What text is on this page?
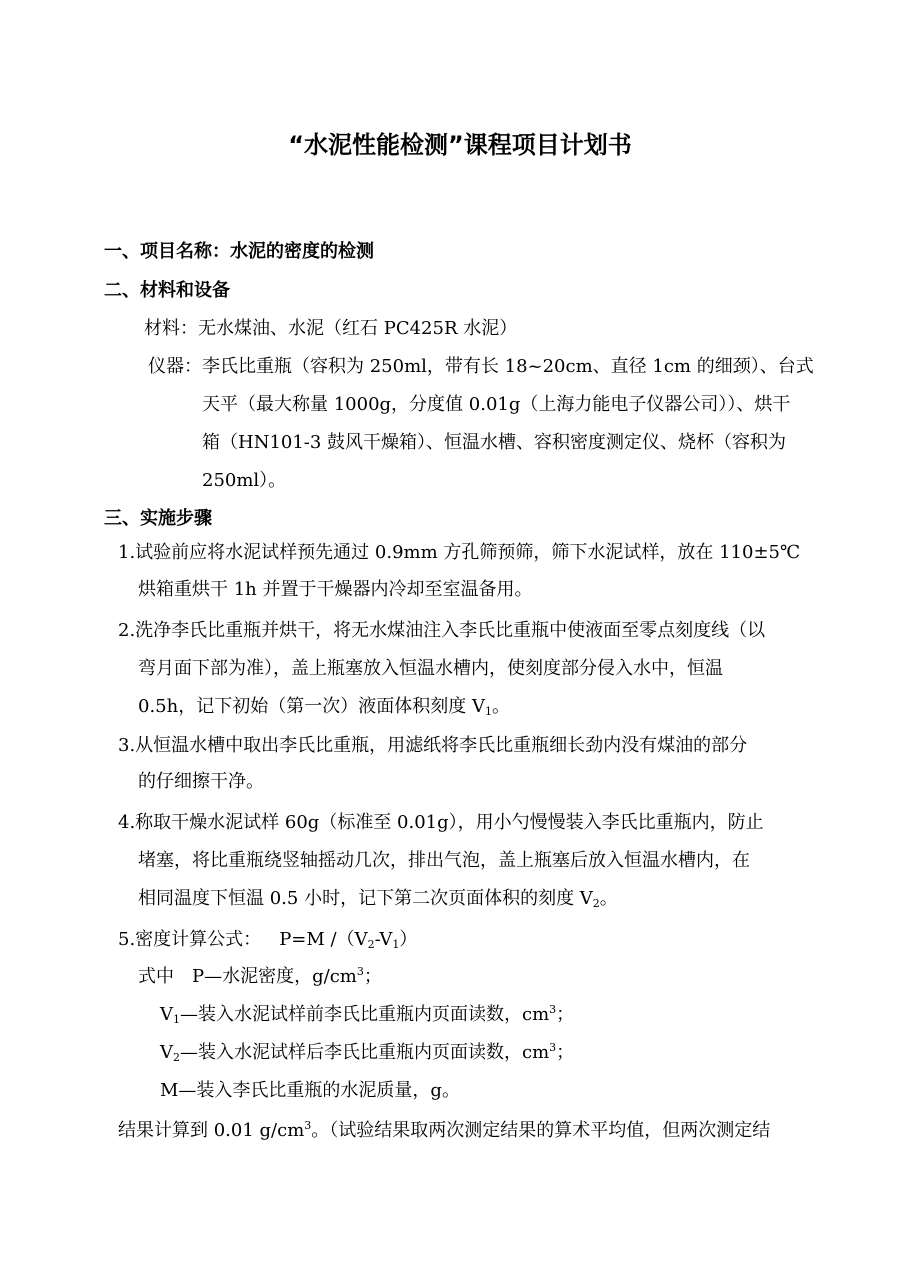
“水泥性能检测”课程项目计划书
一、项目名称：水泥的密度的检测
二、材料和设备
材料：无水煤油、水泥（红石 PC425R 水泥）
仪器：李氏比重瓶（容积为 250ml，带有长 18~20cm、直径 1cm 的细颈）、台式
天平（最大称量 1000g，分度值 0.01g（上海力能电子仪器公司））、烘干
箱（HN101-3 鼓风干燥箱）、恒温水槽、容积密度测定仪、烧杯（容积为
250ml）。
三、实施步骤
1.试验前应将水泥试样预先通过 0.9mm 方孔筛预筛，筛下水泥试样，放在 110±5℃
烘箱重烘干 1h 并置于干燥器内冷却至室温备用。
2.洗净李氏比重瓶并烘干，将无水煤油注入李氏比重瓶中使液面至零点刻度线（以
弯月面下部为准），盖上瓶塞放入恒温水槽内，使刻度部分侵入水中，恒温
0.5h，记下初始（第一次）液面体积刻度 $V_1$。
3.从恒温水槽中取出李氏比重瓶，用滤纸将李氏比重瓶细长劲内没有煤油的部分
的仔细擦干净。
4.称取干燥水泥试样 60g（标准至 0.01g），用小勺慢慢装入李氏比重瓶内，防止
堵塞，将比重瓶绕竖轴摇动几次，排出气泡，盖上瓶塞后放入恒温水槽内，在
相同温度下恒温 0.5 小时，记下第二次页面体积的刻度 $V_2$。
5.密度计算公式： P=M $/(V_2-V_1)$
式中　P—水泥密度，$g/cm^3$；
$V_1—$装入水泥试样前李氏比重瓶内页面读数，$cm^3$；
$V_2—$装入水泥试样后李氏比重瓶内页面读数，$cm^3$；
M—装入李氏比重瓶的水泥质量，g。
结果计算到 0.01 $g/cm^3$。（试验结果取两次测定结果的算术平均值，但两次测定结
